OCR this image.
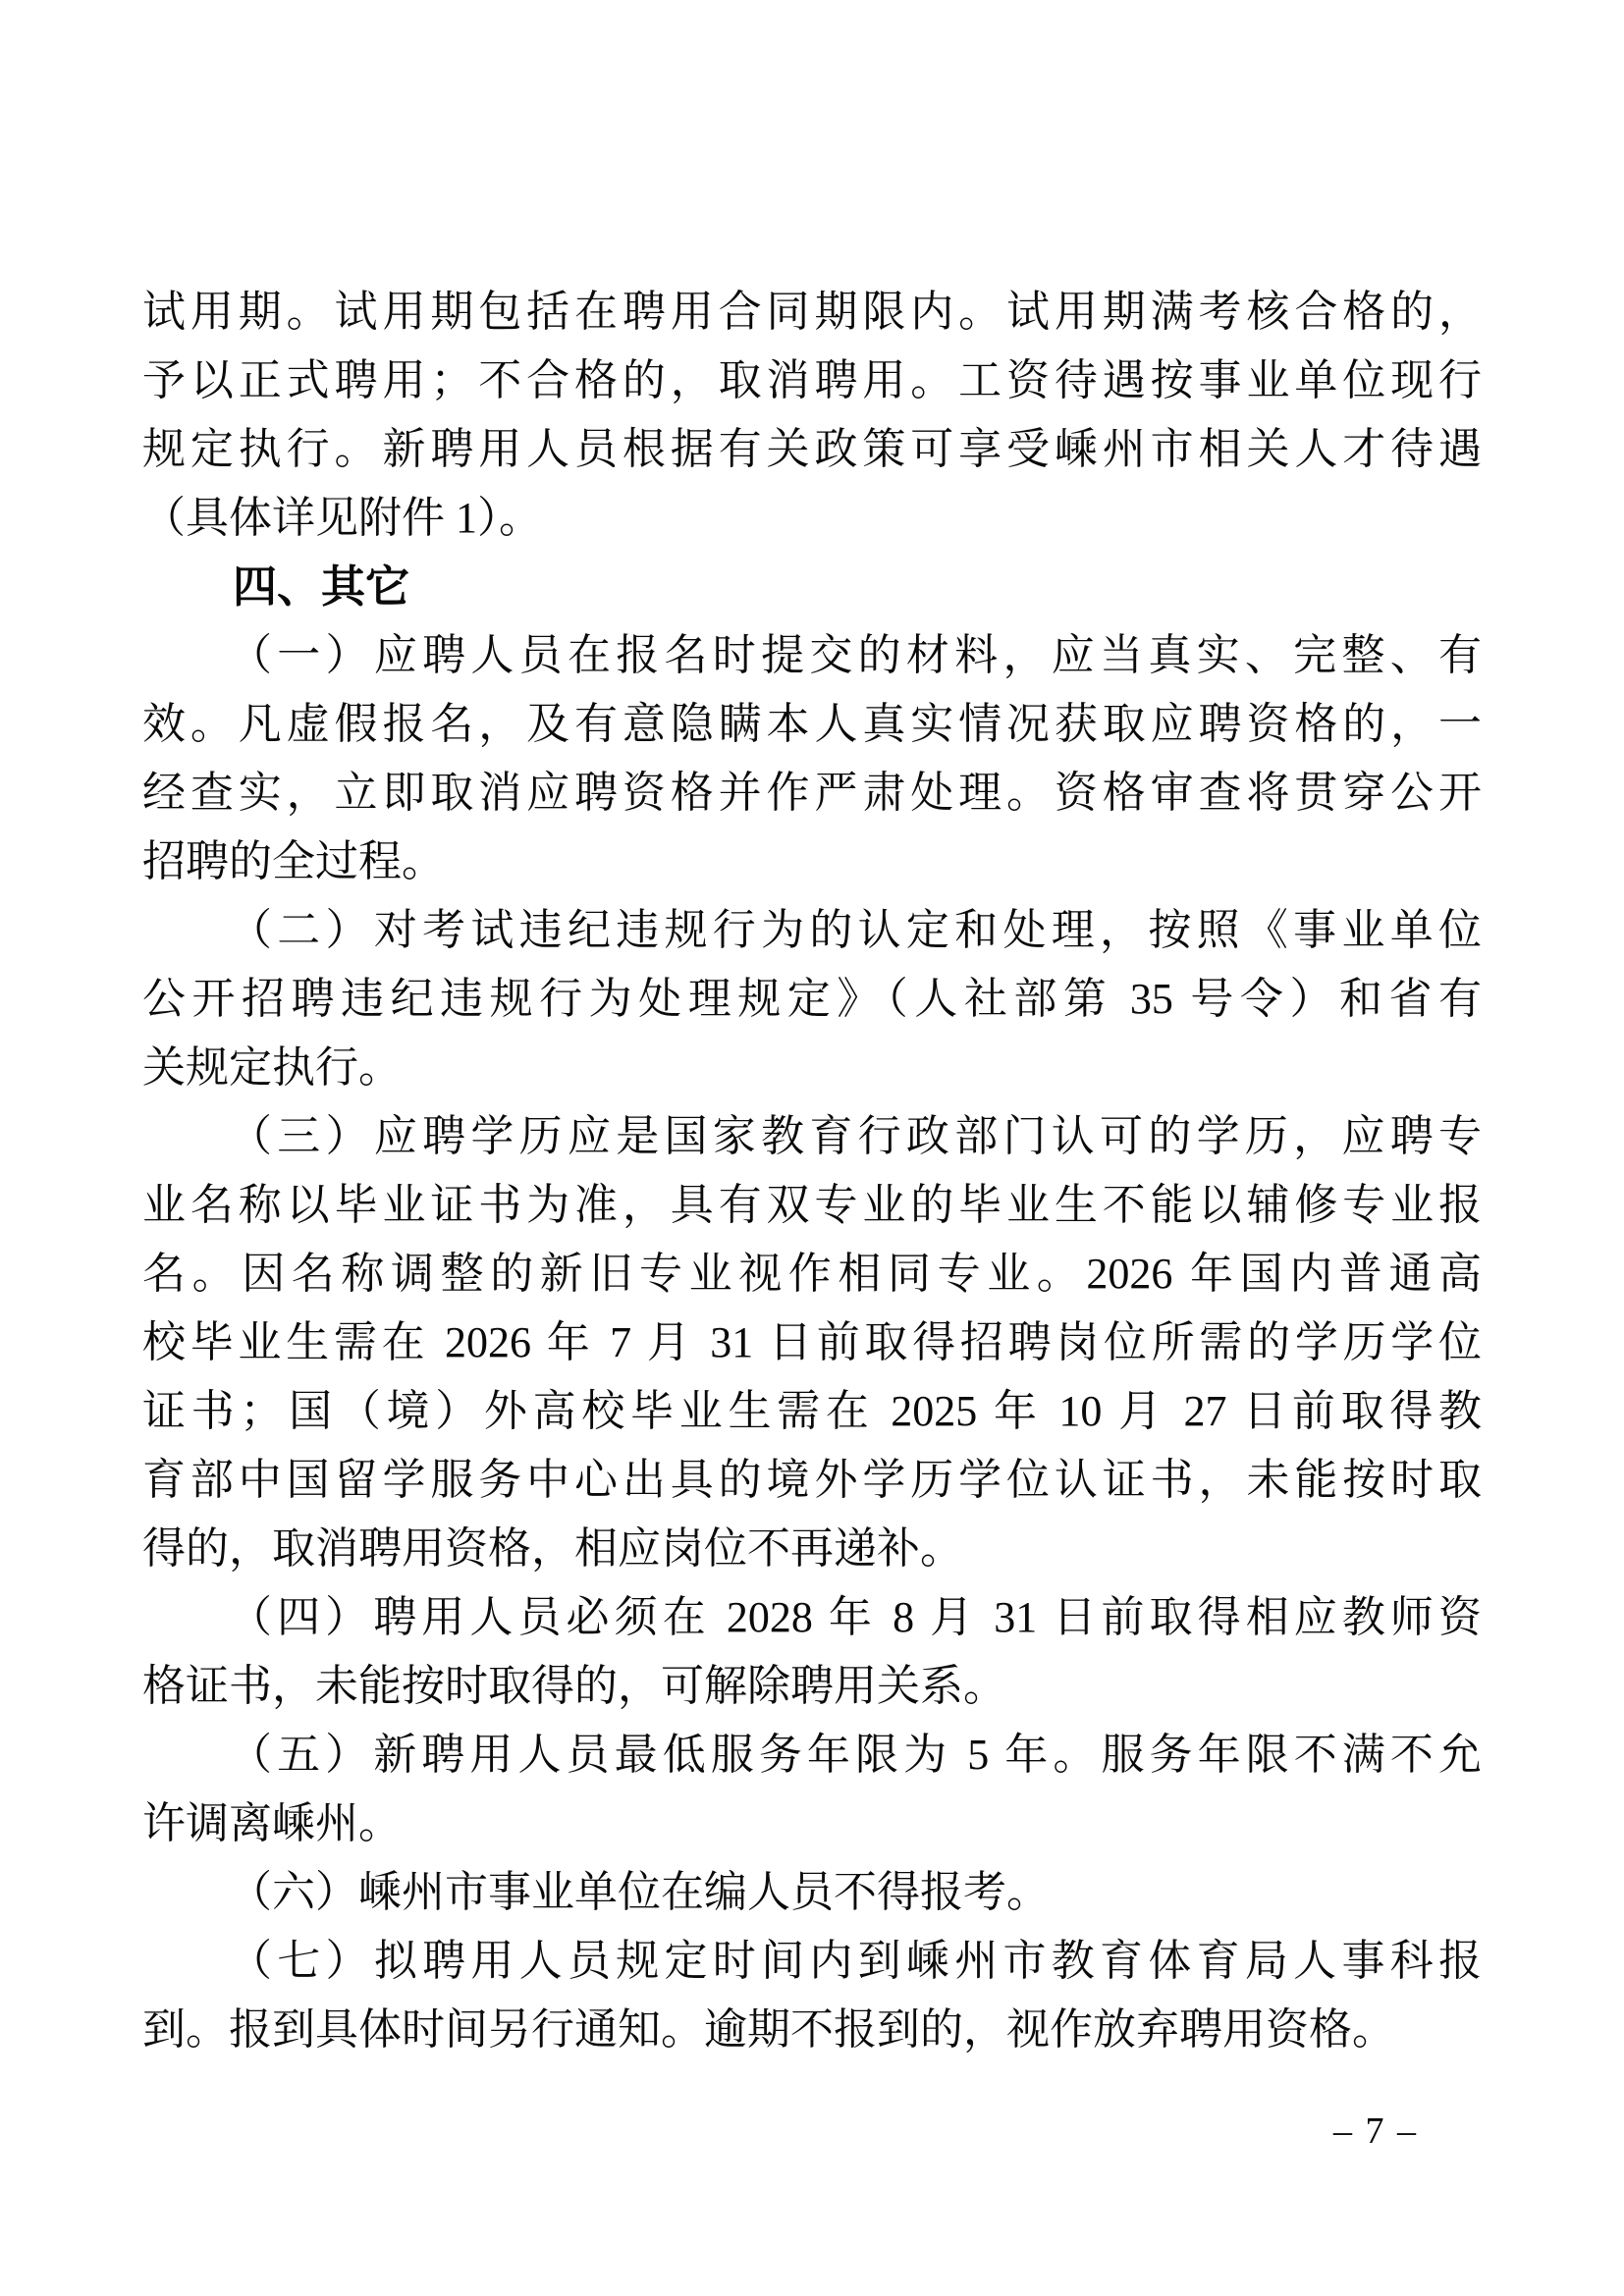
试用期。试用期包括在聘用合同期限内。试用期满考核合格的，
予以正式聘用；不合格的，取消聘用。工资待遇按事业单位现行
规定执行。新聘用人员根据有关政策可享受嵊州市相关人才待遇
（具体详见附件 1）。
四、其它
（一）应聘人员在报名时提交的材料，应当真实、完整、有
效。凡虚假报名，及有意隐瞒本人真实情况获取应聘资格的，一
经查实，立即取消应聘资格并作严肃处理。资格审查将贯穿公开
招聘的全过程。
（二）对考试违纪违规行为的认定和处理，按照《事业单位
公开招聘违纪违规行为处理规定》（人社部第 35 号令）和省有
关规定执行。
（三）应聘学历应是国家教育行政部门认可的学历，应聘专
业名称以毕业证书为准，具有双专业的毕业生不能以辅修专业报
名。因名称调整的新旧专业视作相同专业。2026 年国内普通高
校毕业生需在 2026 年 7 月 31 日前取得招聘岗位所需的学历学位
证书；国（境）外高校毕业生需在 2025 年 10 月 27 日前取得教
育部中国留学服务中心出具的境外学历学位认证书，未能按时取
得的，取消聘用资格，相应岗位不再递补。
（四）聘用人员必须在 2028 年 8 月 31 日前取得相应教师资
格证书，未能按时取得的，可解除聘用关系。
（五）新聘用人员最低服务年限为 5 年。服务年限不满不允
许调离嵊州。
（六）嵊州市事业单位在编人员不得报考。
（七）拟聘用人员规定时间内到嵊州市教育体育局人事科报
到。报到具体时间另行通知。逾期不报到的，视作放弃聘用资格。
– 7 –
